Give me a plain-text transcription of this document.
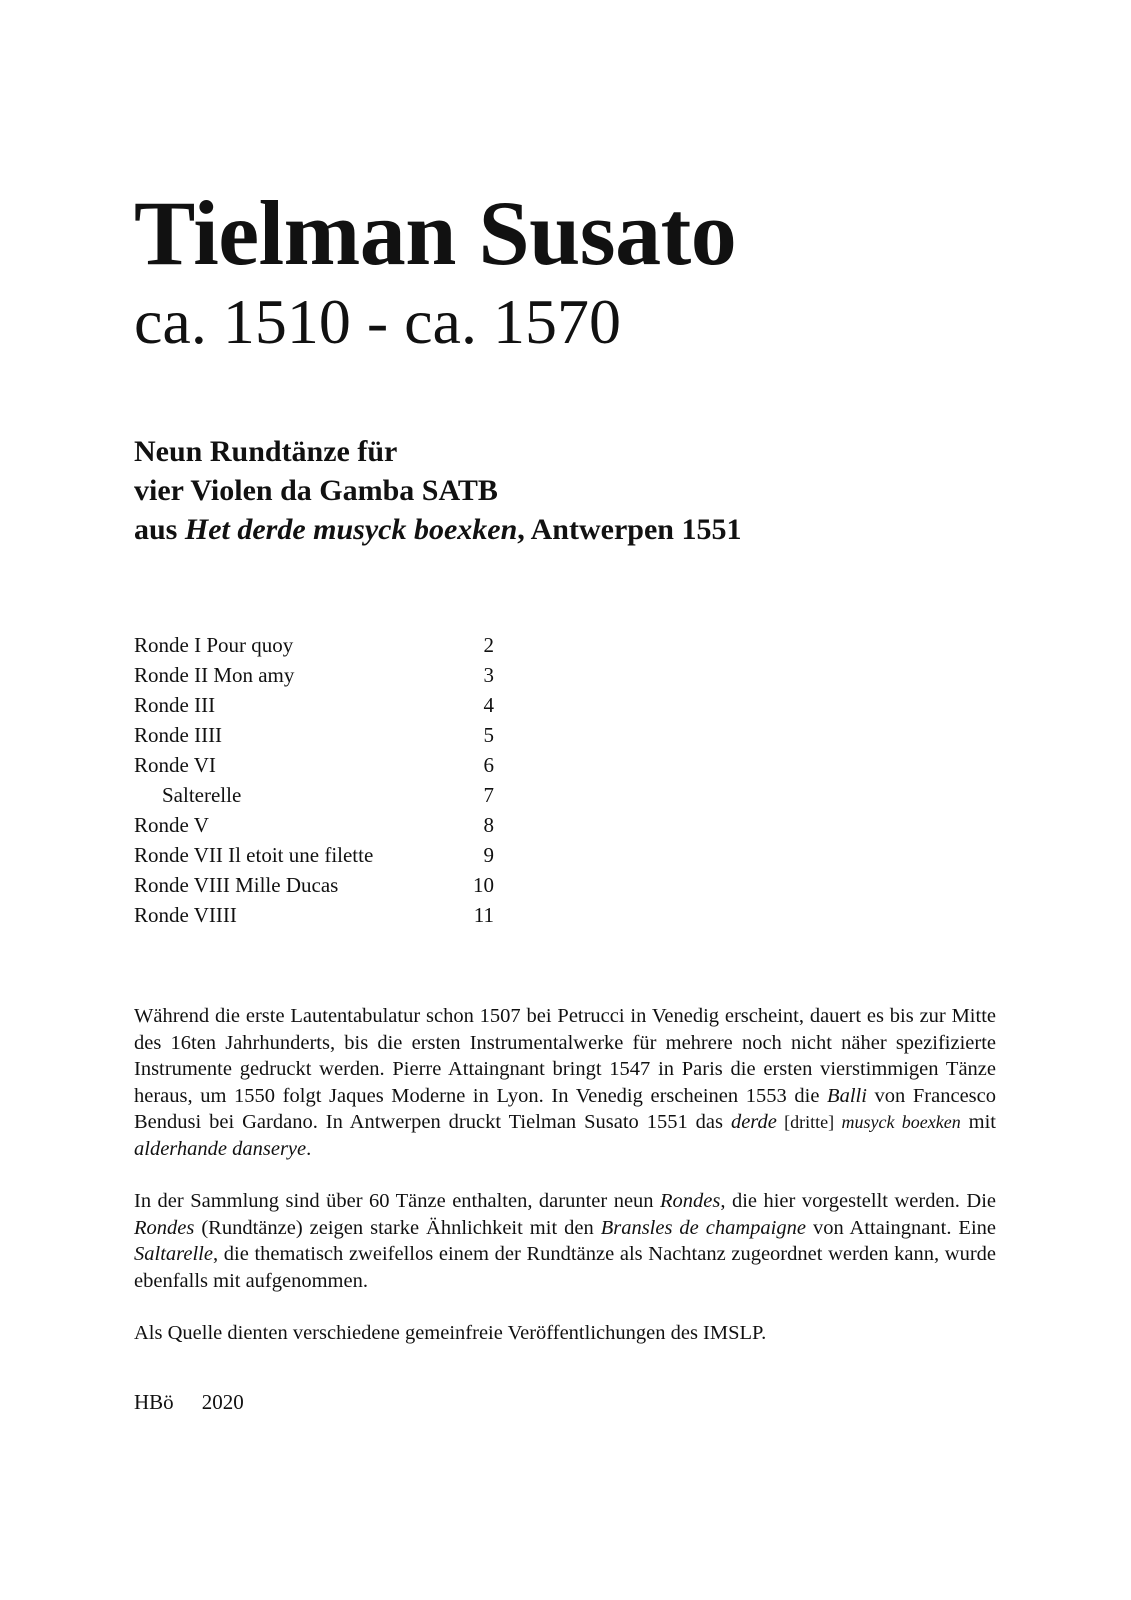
Tielman Susato
ca. 1510 - ca. 1570
Neun Rundtänze für
vier Violen da Gamba SATB
aus Het derde musyck boexken, Antwerpen 1551
Ronde I Pour quoy	2
Ronde II Mon amy	3
Ronde III	4
Ronde IIII	5
Ronde VI	6
Salterelle	7
Ronde V	8
Ronde VII Il etoit une filette	9
Ronde VIII Mille Ducas	10
Ronde VIIII	11

Während die erste Lautentabulatur schon 1507 bei Petrucci in Venedig erscheint, dauert es bis zur Mitte des 16ten Jahrhunderts, bis die ersten Instrumentalwerke für mehrere noch nicht näher spezifizierte Instrumente gedruckt werden. Pierre Attaingnant bringt 1547 in Paris die ersten vierstimmigen Tänze heraus, um 1550 folgt Jaques Moderne in Lyon. In Venedig erscheinen 1553 die Balli von Francesco Bendusi bei Gardano. In Antwerpen druckt Tielman Susato 1551 das derde [dritte] musyck boexken mit alderhande danserye.

In der Sammlung sind über 60 Tänze enthalten, darunter neun Rondes, die hier vorgestellt werden. Die Rondes (Rundtänze) zeigen starke Ähnlichkeit mit den Bransles de champaigne von Attaingnant. Eine Saltarelle, die thematisch zweifellos einem der Rundtänze als Nachtanz zugeordnet werden kann, wurde ebenfalls mit aufgenommen.

Als Quelle dienten verschiedene gemeinfreie Veröffentlichungen des IMSLP.

HBö 2020
